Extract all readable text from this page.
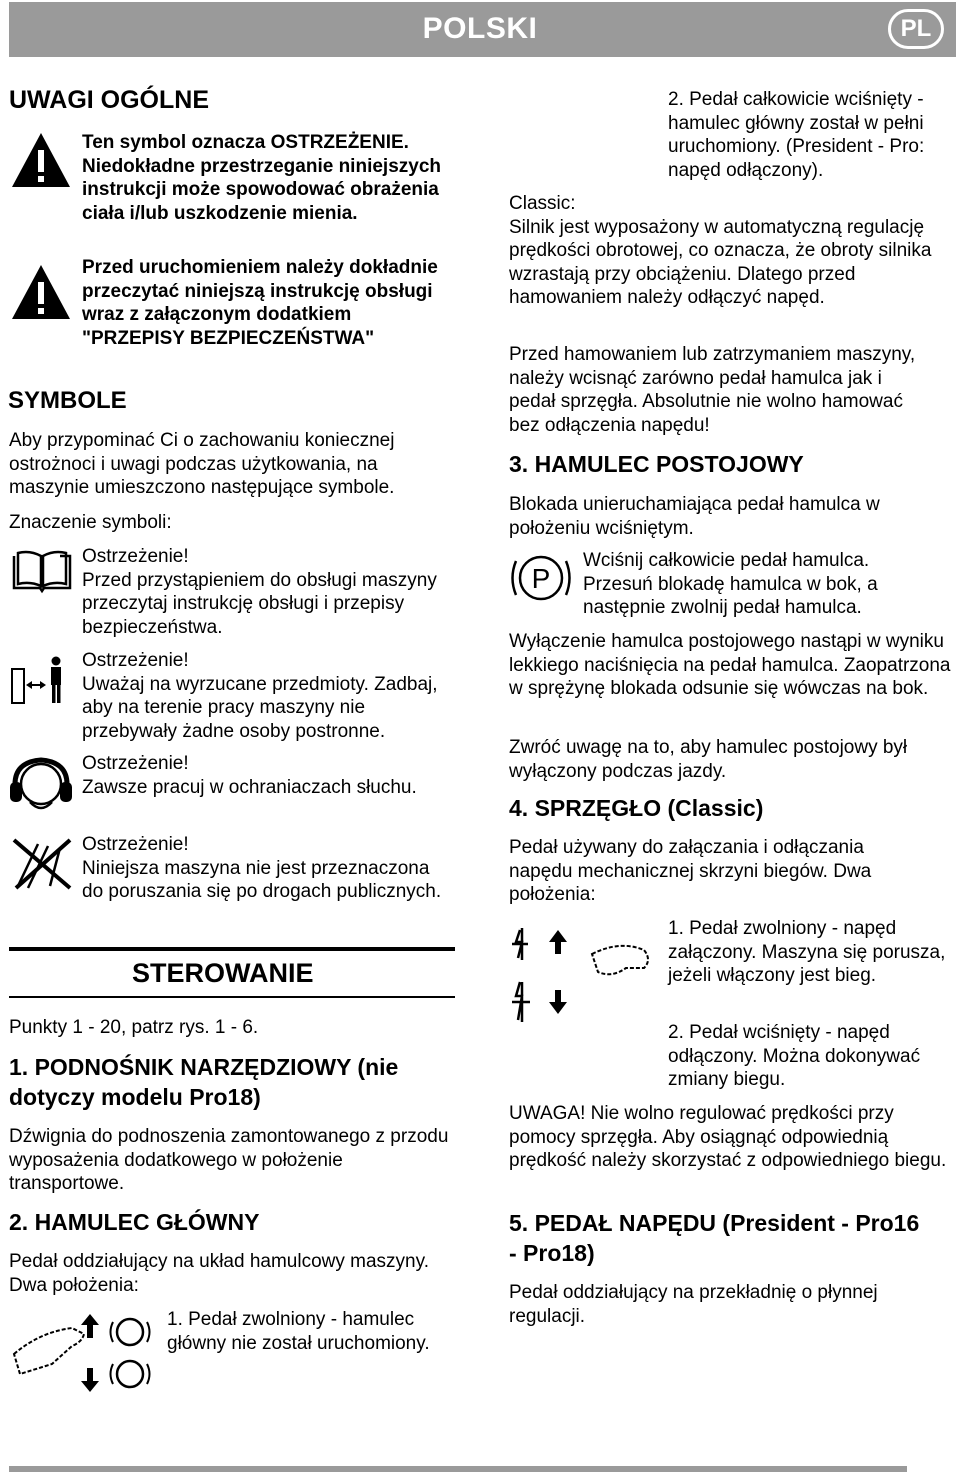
POLSKI	PL
UWAGI OGÓLNE

Ten symbol oznacza OSTRZEŻENIE. Niedokładne przestrzeganie niniejszych instrukcji może spowodować obrażenia ciała i/lub uszkodzenie mienia.

Przed uruchomieniem należy dokładnie przeczytać niniejszą instrukcję obsługi wraz z załączonym dodatkiem "PRZEPISY BEZPIECZEŃSTWA"

SYMBOLE

Aby przypominać Ci o zachowaniu koniecznej ostrożnoci i uwagi podczas użytkowania, na maszynie umieszczono następujące symbole.

Znaczenie symboli:

Ostrzeżenie!
Przed przystąpieniem do obsługi maszyny przeczytaj instrukcję obsługi i przepisy bezpieczeństwa.

Ostrzeżenie!
Uważaj na wyrzucane przedmioty. Zadbaj, aby na terenie pracy maszyny nie przebywały żadne osoby postronne.

Ostrzeżenie!
Zawsze pracuj w ochraniaczach słuchu.

Ostrzeżenie!
Niniejsza maszyna nie jest przeznaczona do poruszania się po drogach publicznych.

STEROWANIE

Punkty 1 - 20, patrz rys. 1 - 6.

1. PODNOŚNIK NARZĘDZIOWY (nie dotyczy modelu Pro18)

Dźwignia do podnoszenia zamontowanego z przodu wyposażenia dodatkowego w położenie transportowe.

2. HAMULEC GŁÓWNY

Pedał oddziałujący na układ hamulcowy maszyny. Dwa położenia:

1. Pedał zwolniony - hamulec główny nie został uruchomiony.

2. Pedał całkowicie wciśnięty - hamulec główny został w pełni uruchomiony. (President - Pro: napęd odłączony).

Classic:
Silnik jest wyposażony w automatyczną regulację prędkości obrotowej, co oznacza, że obroty silnika wzrastają przy obciążeniu. Dlatego przed hamowaniem należy odłączyć napęd.

Przed hamowaniem lub zatrzymaniem maszyny, należy wcisnąć zarówno pedał hamulca jak i pedał sprzęgła. Absolutnie nie wolno hamować bez odłączenia napędu!

3. HAMULEC POSTOJOWY

Blokada unieruchamiająca pedał hamulca w położeniu wciśniętym.

P

Wciśnij całkowicie pedał hamulca. Przesuń blokadę hamulca w bok, a następnie zwolnij pedał hamulca.

Wyłączenie hamulca postojowego nastąpi w wyniku lekkiego naciśnięcia na pedał hamulca. Zaopatrzona w sprężynę blokada odsunie się wówczas na bok.

Zwróć uwagę na to, aby hamulec postojowy był wyłączony podczas jazdy.

4. SPRZĘGŁO (Classic)

Pedał używany do załączania i odłączania napędu mechanicznej skrzyni biegów. Dwa położenia:

1. Pedał zwolniony - napęd załączony. Maszyna się porusza, jeżeli włączony jest bieg.

2. Pedał wciśnięty - napęd odłączony. Można dokonywać zmiany biegu.

UWAGA! Nie wolno regulować prędkości przy pomocy sprzęgła. Aby osiągnąć odpowiednią prędkość należy skorzystać z odpowiedniego biegu.

5. PEDAŁ NAPĘDU (President - Pro16 - Pro18)

Pedał oddziałujący na przekładnię o płynnej regulacji.
